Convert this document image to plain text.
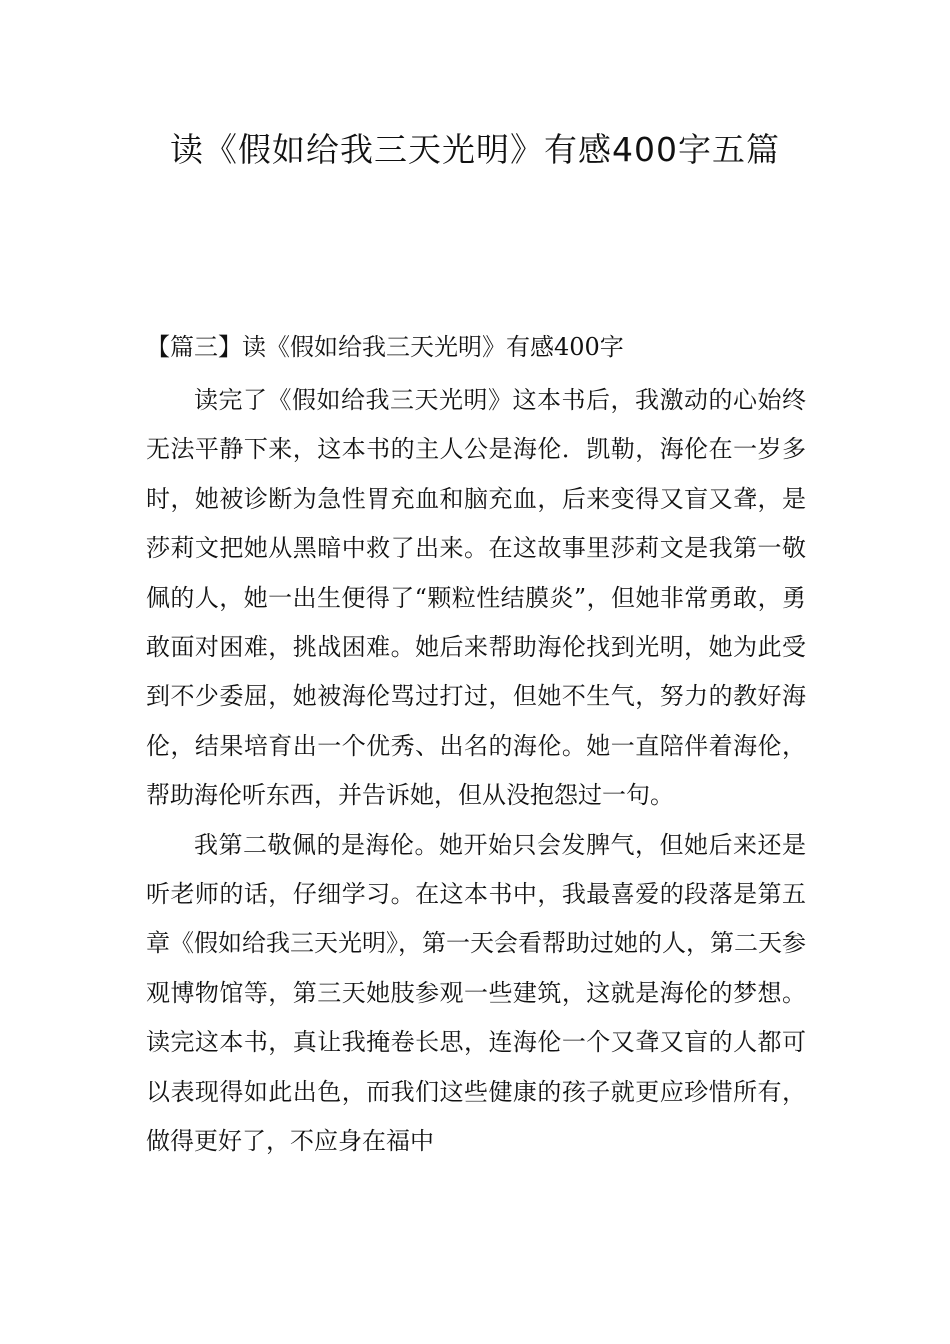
读《假如给我三天光明》有感400字五篇

【篇三】读《假如给我三天光明》有感400字

读完了《假如给我三天光明》这本书后，我激动的心始终无法平静下来，这本书的主人公是海伦．凯勒，海伦在一岁多时，她被诊断为急性胃充血和脑充血，后来变得又盲又聋，是莎莉文把她从黑暗中救了出来。在这故事里莎莉文是我第一敬佩的人，她一出生便得了“颗粒性结膜炎”，但她非常勇敢，勇敢面对困难，挑战困难。她后来帮助海伦找到光明，她为此受到不少委屈，她被海伦骂过打过，但她不生气，努力的教好海伦，结果培育出一个优秀、出名的海伦。她一直陪伴着海伦，帮助海伦听东西，并告诉她，但从没抱怨过一句。

我第二敬佩的是海伦。她开始只会发脾气，但她后来还是听老师的话，仔细学习。在这本书中，我最喜爱的段落是第五章《假如给我三天光明》，第一天会看帮助过她的人，第二天参观博物馆等，第三天她肢参观一些建筑，这就是海伦的梦想。读完这本书，真让我掩卷长思，连海伦一个又聋又盲的人都可以表现得如此出色，而我们这些健康的孩子就更应珍惜所有，做得更好了，不应身在福中
